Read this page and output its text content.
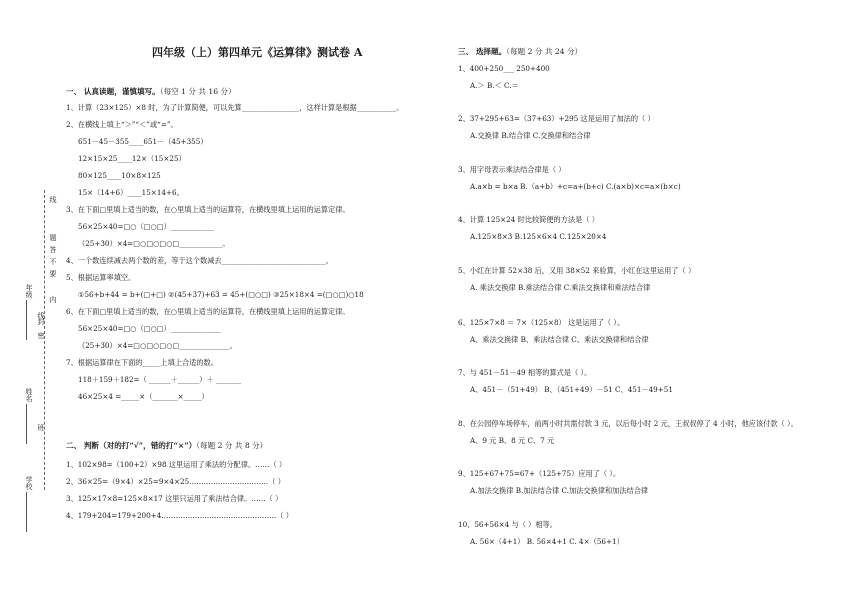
线
不
要
答
题
线
内
密
封
年级
姓名
学校
班
四年级（上）第四单元《运算律》测试卷 A
一、 认真读题，谨慎填写。（每空 1 分 共 16 分）
1、计算（23×125）×8 时，为了计算简便，可以先算________________，这样计算是根据___________。
2、在横线上填上“＞”“＜”或“=”。
651－45－355____651－（45+355）
12×15×25____12×（15×25）
80×125____10×8×125
15×（14+6）____15×14+6。
3、在下面□里填上适当的数，在○里填上适当的运算符，在横线里填上运用的运算定律。
56×25×40=□○（□○□）____________
（25+30）×4=□○□○□○□____________。
4、一个数连续减去两个数的差，等于这个数减去_____________________________。
5、根据运算率填空。
①56+b+44 = b+(□+□) ②(45+37)+63 = 45+(□○□) ③25×18×4 =(□○□)○18
6、在下面□里填上适当的数，在○里填上适当的运算符，在横线里填上运用的运算定律。
56×25×40=□○（□○□）______________
（25+30）×4=□○□○□○□______________。
7、根据运算律在下面的_____上填上合适的数。
118＋159＋182=（ ______＋______）＋ _______
46×25×4 =_____×（_______×_____）
二、 判断（对的打“√”，错的打“×”）（每题 2 分 共 8 分）
1、102×98=（100+2）×98 这里运用了乘法的分配律。……（ ）
2、36×25=（9×4）×25=9×4×25……………………………（ ）
3、125×17×8=125×8×17 这里只运用了乘法结合律。……（ ）
4、179+204=179+200+4…………………………………………（ ）
三、 选择题。（每题 2 分 共 24 分）
1、400+250___ 250+400
A.＞ B.＜ C.＝
2、37+295+63=（37+63）+295 这是运用了加法的（ ）
A.交换律 B.结合律 C.交换律和结合律
3、用字母表示乘法结合律是（ ）
A.a×b = b×a B.（a+b）+c=a+(b+c) C.(a×b)×c=a×(b×c)
4、计算 125×24 时比较简便的方法是（ ）
A.125×8×3 B.125×6×4 C.125×20×4
5、小红在计算 52×38 后，又用 38×52 来验算，小红在这里运用了（ ）
A. 乘法交换律 B.乘法结合律 C.乘法交换律和乘法结合律
6、125×7×8 ＝ 7×（125×8） 这是运用了（ ）。
A、乘法交换律 B、乘法结合律 C、乘法交换律和结合律
7、与 451－51－49 相等的算式是（ ）。
A、451－（51+49） B、（451+49）－51 C、451－49+51
8、在公园停车场停车，前两小时共需付款 3 元，以后每小时 2 元，王叔叔停了 4 小时，他应该付款（ ）。
A、9 元 B、8 元 C、7 元
9、125+67+75=67+（125+75）应用了（ ）。
A.加法交换律 B.加法结合律 C.加法交换律和加法结合律
10、56+56×4 与（ ）相等。
A. 56×（4+1） B. 56×4+1 C. 4×（56+1）
